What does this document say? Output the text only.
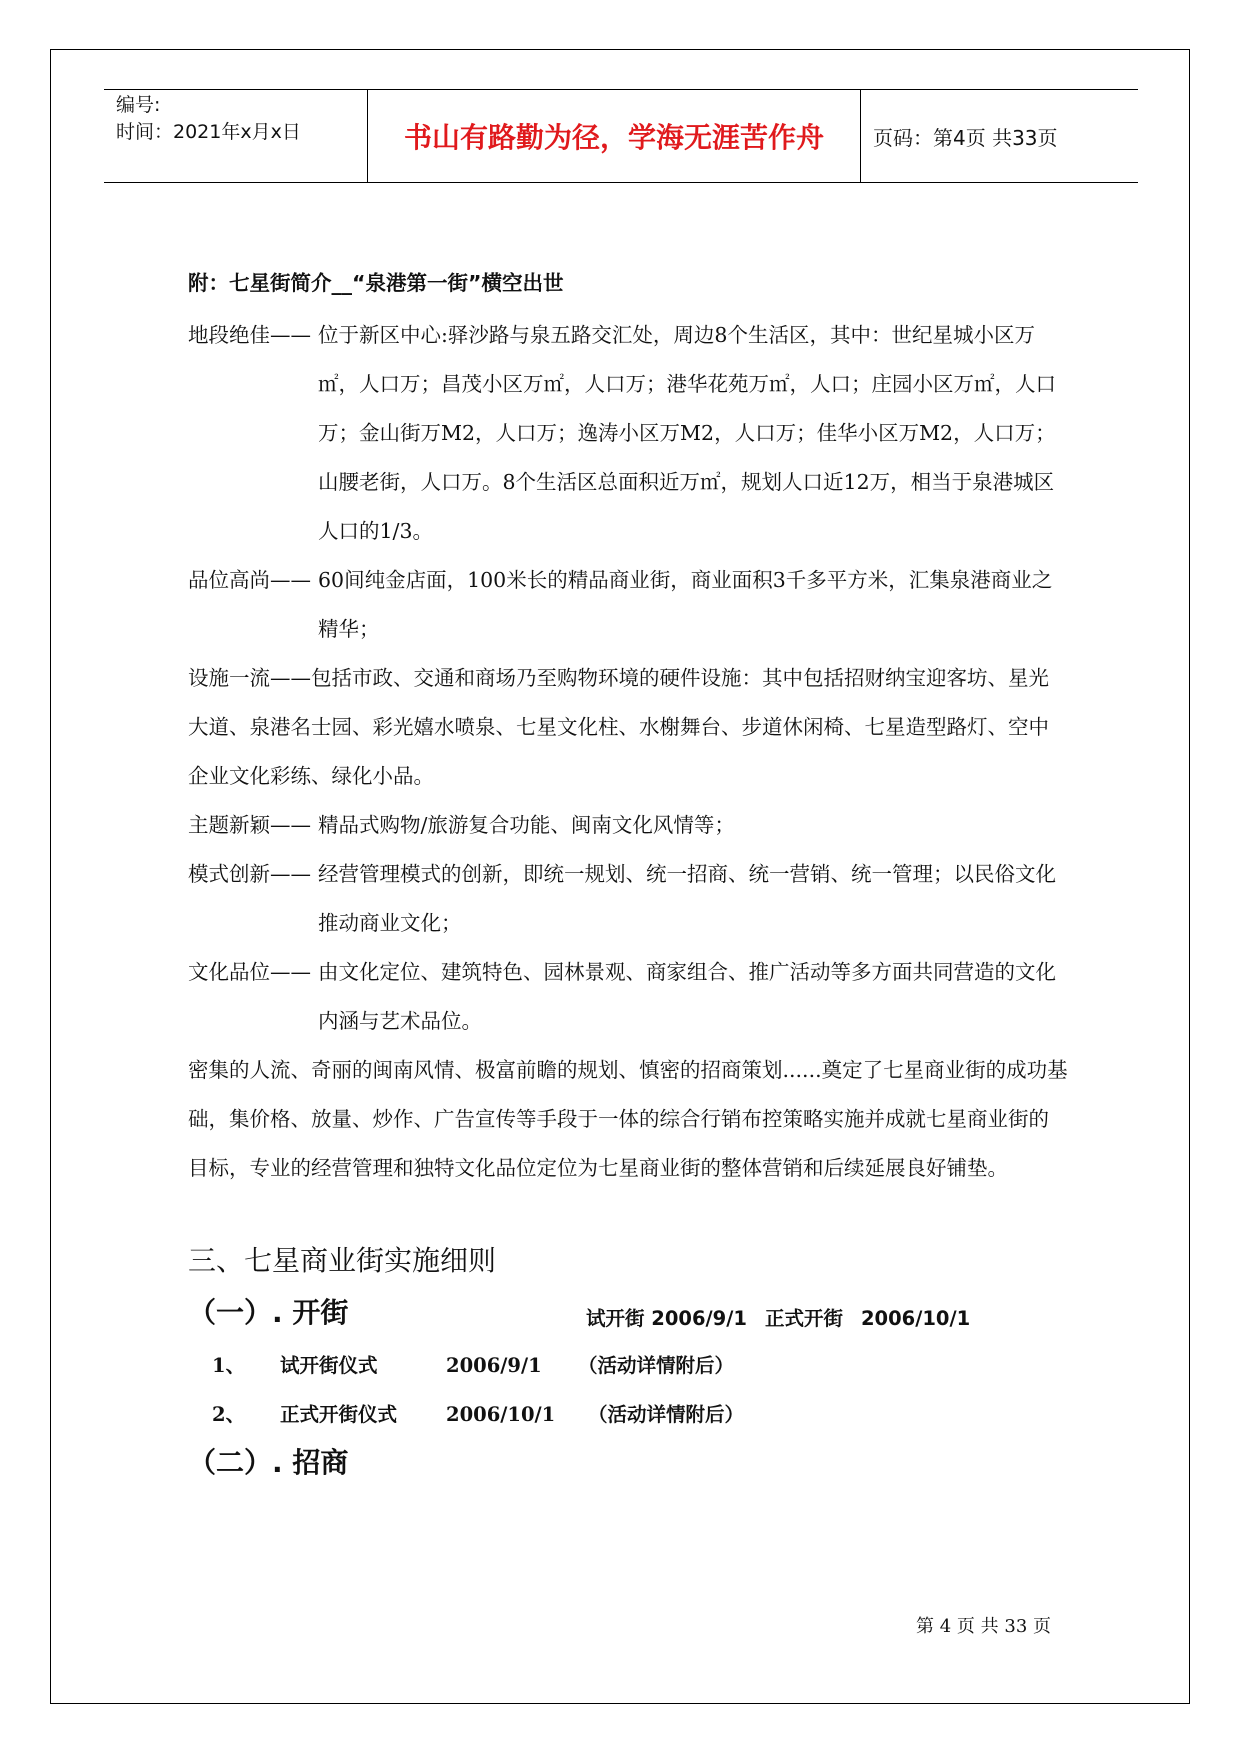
编号:
时间：2021年x月x日	书山有路勤为径，学海无涯苦作舟	页码：第4页 共33页
附：七星街简介__“泉港第一街”横空出世
地段绝佳—— 位于新区中心:驿沙路与泉五路交汇处，周边8个生活区，其中：世纪星城小区万㎡，人口万；昌茂小区万㎡，人口万；港华花苑万㎡，人口；庄园小区万㎡，人口万；金山街万M2，人口万；逸涛小区万M2，人口万；佳华小区万M2，人口万；山腰老街，人口万。8个生活区总面积近万㎡，规划人口近12万，相当于泉港城区人口的1/3。
品位高尚—— 60间纯金店面，100米长的精品商业街，商业面积3千多平方米，汇集泉港商业之精华；
设施一流——包括市政、交通和商场乃至购物环境的硬件设施：其中包括招财纳宝迎客坊、星光大道、泉港名士园、彩光嬉水喷泉、七星文化柱、水榭舞台、步道休闲椅、七星造型路灯、空中企业文化彩练、绿化小品。
主题新颖—— 精品式购物/旅游复合功能、闽南文化风情等；
模式创新—— 经营管理模式的创新，即统一规划、统一招商、统一营销、统一管理；以民俗文化推动商业文化；
文化品位—— 由文化定位、建筑特色、园林景观、商家组合、推广活动等多方面共同营造的文化内涵与艺术品位。
密集的人流、奇丽的闽南风情、极富前瞻的规划、慎密的招商策划......奠定了七星商业街的成功基础，集价格、放量、炒作、广告宣传等手段于一体的综合行销布控策略实施并成就七星商业街的目标，专业的经营管理和独特文化品位定位为七星商业街的整体营销和后续延展良好铺垫。
三、七星商业街实施细则
（一）. 开街	试开街 2006/9/1 正式开街 2006/10/1
1、 试开街仪式	2006/9/1 （活动详情附后）
2、 正式开街仪式	2006/10/1 （活动详情附后）
（二）. 招商
第 4 页 共 33 页
